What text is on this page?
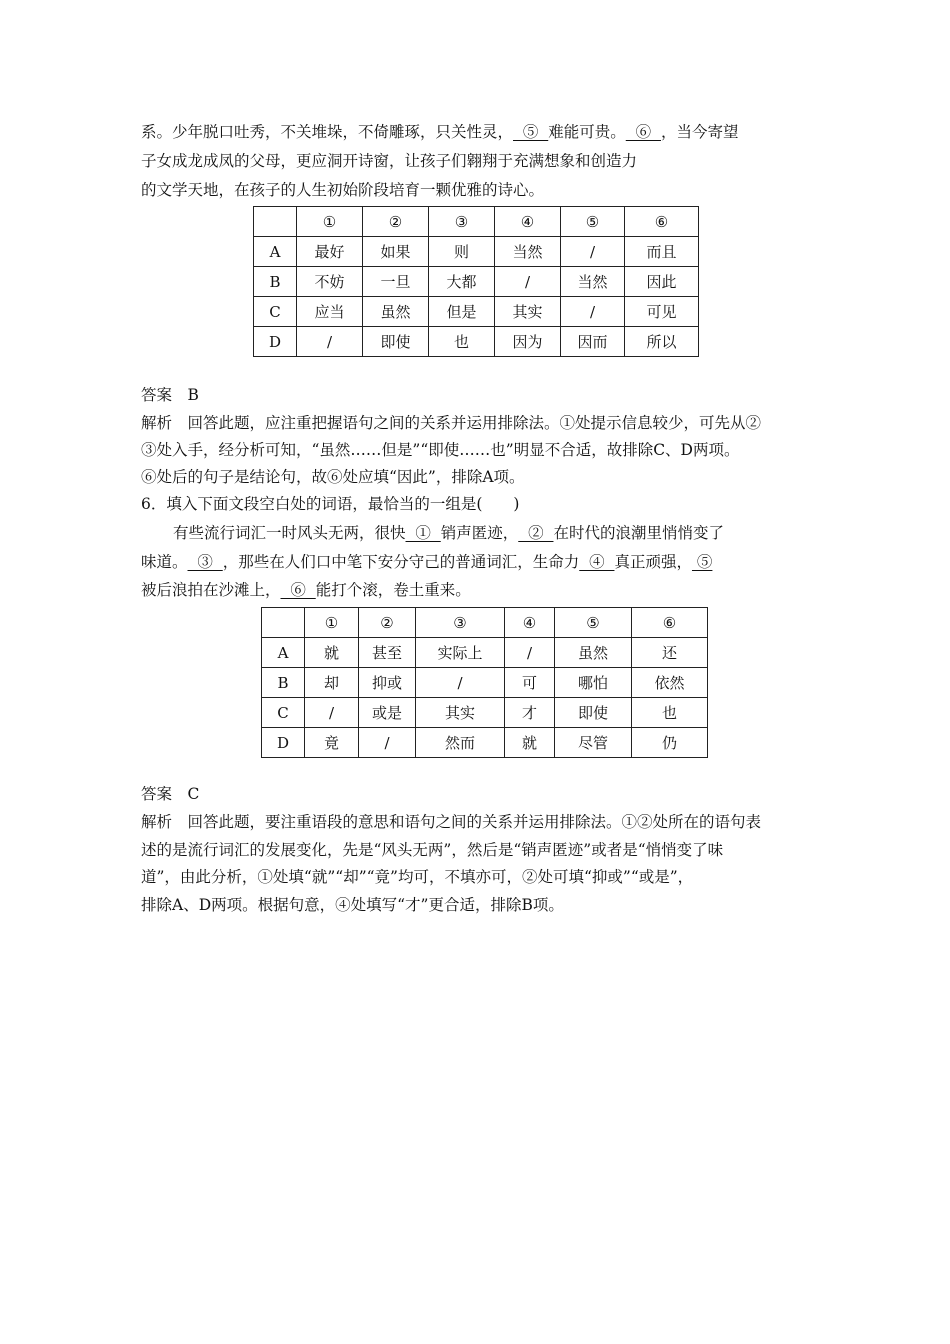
系。少年脱口吐秀，不关堆垛，不倚雕琢，只关性灵，  ⑤  难能可贵。  ⑥  ，当今寄望
子女成龙成凤的父母，更应洞开诗窗，让孩子们翱翔于充满想象和创造力
的文学天地，在孩子的人生初始阶段培育一颗优雅的诗心。
	①	②	③	④	⑤	⑥
A	最好	如果	则	当然	/	而且
B	不妨	一旦	大都	/	当然	因此
C	应当	虽然	但是	其实	/	可见
D	/	即使	也	因为	因而	所以
答案　B
解析　回答此题，应注重把握语句之间的关系并运用排除法。①处提示信息较少，可先从②
③处入手，经分析可知，“虽然……但是”“即使……也”明显不合适，故排除C、D两项。
⑥处后的句子是结论句，故⑥处应填“因此”，排除A项。
6．填入下面文段空白处的词语，最恰当的一组是(　　)
有些流行词汇一时风头无两，很快  ①  销声匿迹，  ②  在时代的浪潮里悄悄变了
味道。  ③  ，那些在人们口中笔下安分守己的普通词汇，生命力  ④  真正顽强， ⑤
被后浪拍在沙滩上，  ⑥  能打个滚，卷土重来。
	①	②	③	④	⑤	⑥
A	就	甚至	实际上	/	虽然	还
B	却	抑或	/	可	哪怕	依然
C	/	或是	其实	才	即使	也
D	竟	/	然而	就	尽管	仍
答案　C
解析　回答此题，要注重语段的意思和语句之间的关系并运用排除法。①②处所在的语句表
述的是流行词汇的发展变化，先是“风头无两”，然后是“销声匿迹”或者是“悄悄变了味
道”，由此分析，①处填“就”“却”“竟”均可，不填亦可，②处可填“抑或”“或是”，
排除A、D两项。根据句意，④处填写“才”更合适，排除B项。
